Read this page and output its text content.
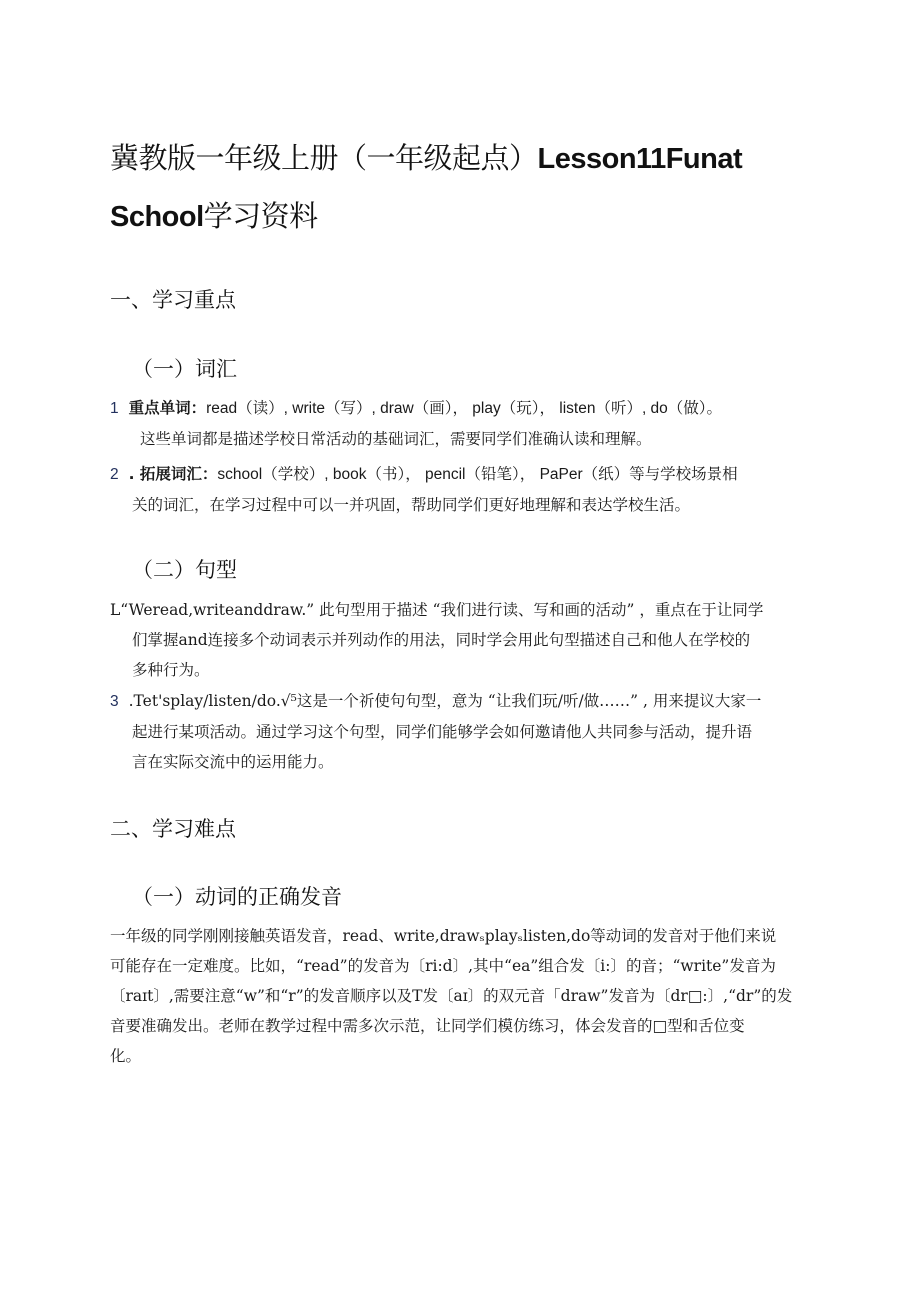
冀教版一年级上册（一年级起点）Lesson11Funat
School学习资料
一、学习重点
（一）词汇
1 重点单词：read（读）, write（写）, draw（画）， play（玩）， listen（听）, do（做）。
这些单词都是描述学校日常活动的基础词汇，需要同学们准确认读和理解。
2 . 拓展词汇：school（学校）, book（书）， pencil（铅笔）， PaPer（纸）等与学校场景相
关的词汇，在学习过程中可以一并巩固，帮助同学们更好地理解和表达学校生活。
（二）句型
L“Weread,writeanddraw.” 此句型用于描述 “我们进行读、写和画的活动” ，重点在于让同学
们掌握and连接多个动词表示并列动作的用法，同时学会用此句型描述自己和他人在学校的
多种行为。
3 .Tet'splay∕listen∕do.√⁵这是一个祈使句句型，意为 “让我们玩/听/做……” , 用来提议大家一
起进行某项活动。通过学习这个句型，同学们能够学会如何邀请他人共同参与活动，提升语
言在实际交流中的运用能力。
二、学习难点
（一）动词的正确发音
一年级的同学刚刚接触英语发音，read、write,drawₛplayₛlisten,do等动词的发音对于他们来说
可能存在一定难度。比如，“read”的发音为〔ri:d〕,其中“ea”组合发〔i:〕的音；“write”发音为
〔raɪt〕,需要注意“w”和“r”的发音顺序以及T发〔aɪ〕的双元音「draw”发音为〔dr□:〕,“dr”的发
音要准确发出。老师在教学过程中需多次示范，让同学们模仿练习，体会发音的□型和舌位变
化。
